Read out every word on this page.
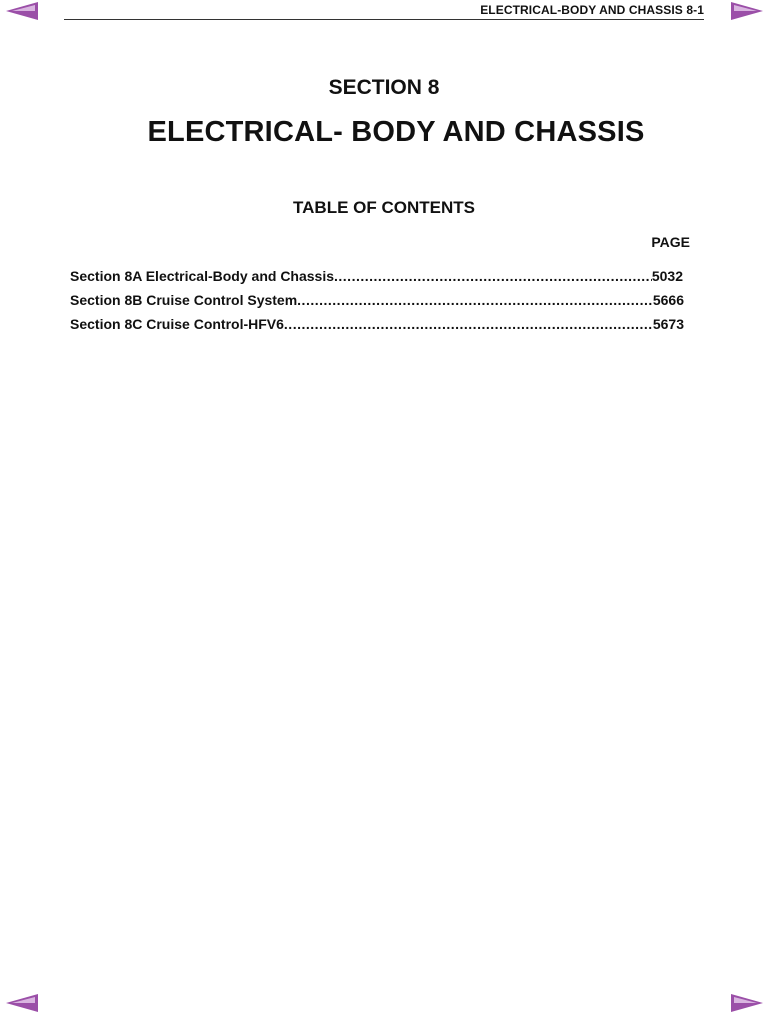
ELECTRICAL-BODY AND CHASSIS 8-1
SECTION 8
ELECTRICAL- BODY AND CHASSIS
TABLE OF CONTENTS
PAGE
Section 8A Electrical-Body and Chassis .....	5032
Section 8B Cruise Control System .....	5666
Section 8C Cruise Control-HFV6 .....	5673
